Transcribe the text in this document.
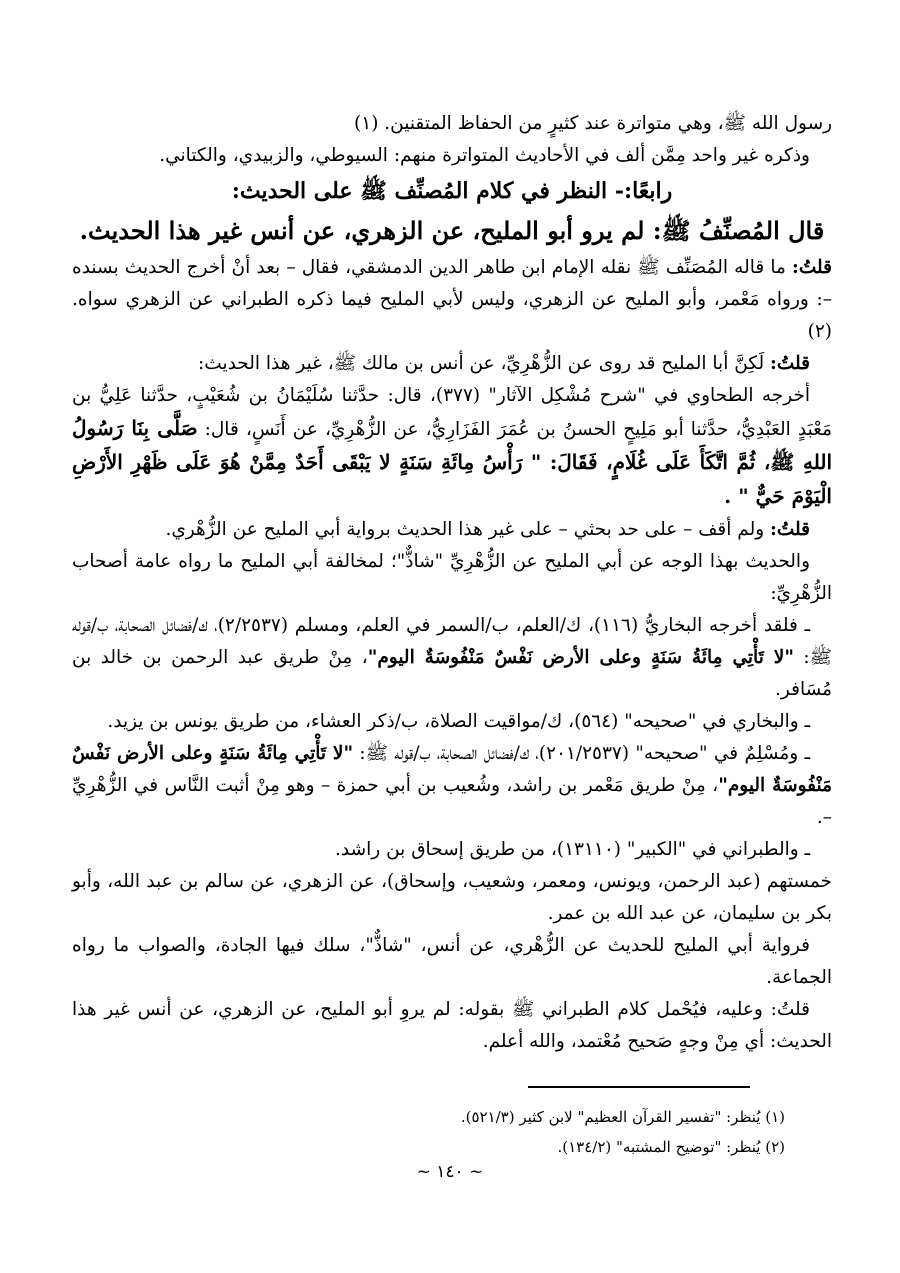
رسول الله ﷺ، وهي متواترة عند كثيرٍ من الحفاظ المتقنين. (١)

وذكره غير واحد مِمَّن ألف في الأحاديث المتواترة منهم: السيوطي، والزبيدي، والكتاني.

رابعًا:- النظر في كلام المُصنِّف ﷺ على الحديث:

قال المُصنِّفُ ﷺ: لم يرو أبو المليح، عن الزهري، عن أنس غير هذا الحديث.

قلتُ: ما قاله المُصَنِّف ﷺ نقله الإمام ابن طاهر الدين الدمشقي، فقال – بعد أنْ أخرج الحديث بسنده –: ورواه مَعْمر، وأبو المليح عن الزهري، وليس لأبي المليح فيما ذكره الطبراني عن الزهري سواه. (٢)

قلتُ: لَكِنَّ أبا المليح قد روى عن الزُّهْرِيِّ، عن أنس بن مالك ﷺ، غير هذا الحديث:

أخرجه الطحاوي في "شرح مُشْكِل الآثار" (٣٧٧)، قال: حدَّثنا سُلَيْمَانُ بن شُعَيْبٍ، حدَّثنا عَلِيُّ بن مَعْبَدٍ العَبْدِيُّ، حدَّثنا أبو مَلِيحٍ الحسنُ بن عُمَرَ الفَزَارِيُّ، عن الزُّهْرِيِّ، عن أَنَسٍ، قال: صَلَّى بِنَا رَسُولُ اللهِ ﷺ، ثُمَّ اتَّكَأَ عَلَى غُلَامٍ، فَقَالَ: " رَأْسُ مِائَةِ سَنَةٍ لا يَبْقَى أَحَدٌ مِمَّنْ هُوَ عَلَى ظَهْرِ الأَرْضِ الْيَوْمَ حَيٌّ " .

قلتُ: ولم أقف – على حد بحثي – على غير هذا الحديث برواية أبي المليح عن الزُّهْري.

والحديث بهذا الوجه عن أبي المليح عن الزُّهْرِيِّ "شاذٌّ"؛ لمخالفة أبي المليح ما رواه عامة أصحاب الزُّهْرِيِّ:

ـ فلقد أخرجه البخاريُّ (١١٦)، ك/العلم، ب/السمر في العلم، ومسلم (٢/٢٥٣٧)، ك/فضائل الصحابة، ب/قوله ﷺ: "لا تَأْتِي مِائَةُ سَنَةٍ وعلى الأرض نَفْسٌ مَنْفُوسَةٌ اليوم"، مِنْ طريق عبد الرحمن بن خالد بن مُسَافر.

ـ والبخاري في "صحيحه" (٥٦٤)، ك/مواقيت الصلاة، ب/ذكر العشاء، من طريق يونس بن يزيد.

ـ ومُسْلِمٌ في "صحيحه" (٢٠١/٢٥٣٧)، ك/فضائل الصحابة، ب/قوله ﷺ: "لا تَأْتِي مِائَةُ سَنَةٍ وعلى الأرض نَفْسٌ مَنْفُوسَةٌ اليوم"، مِنْ طريق مَعْمر بن راشد، وشُعيب بن أبي حمزة – وهو مِنْ أثبت النَّاس في الزُّهْرِيِّ –.

ـ والطبراني في "الكبير" (١٣١١٠)، من طريق إسحاق بن راشد.

خمستهم (عبد الرحمن، ويونس، ومعمر، وشعيب، وإسحاق)، عن الزهري، عن سالم بن عبد الله، وأبو بكر بن سليمان، عن عبد الله بن عمر.

فرواية أبي المليح للحديث عن الزُّهْري، عن أنس، "شاذٌّ"، سلك فيها الجادة، والصواب ما رواه الجماعة.

قلتُ: وعليه، فيُحْمل كلام الطبراني ﷺ بقوله: لم يروِ أبو المليح، عن الزهري، عن أنس غير هذا الحديث: أي مِنْ وجهٍ صَحيح مُعْتمد، والله أعلم.

(١) يُنظر: "تفسير القرآن العظيم" لابن كثير (٥٢١/٣).

(٢) يُنظر: "توضيح المشتبه" (١٣٤/٢).

~ ١٤٠ ~
